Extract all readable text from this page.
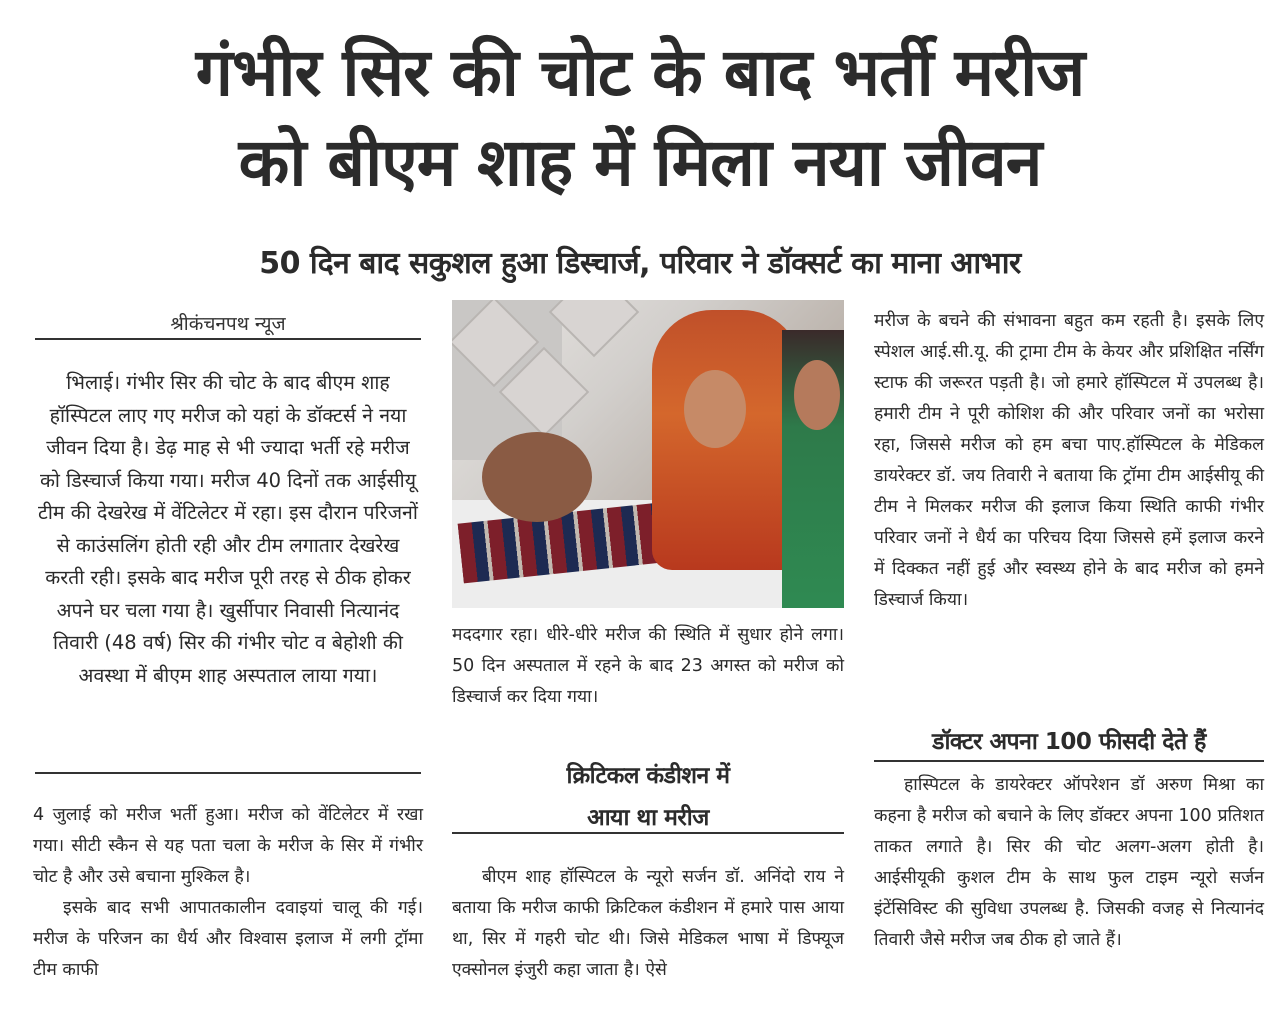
गंभीर सिर की चोट के बाद भर्ती मरीज
को बीएम शाह में मिला नया जीवन
50 दिन बाद सकुशल हुआ डिस्चार्ज, परिवार ने डॉक्सर्ट का माना आभार
श्रीकंचनपथ न्यूज
भिलाई। गंभीर सिर की चोट के बाद बीएम शाह हॉस्पिटल लाए गए मरीज को यहां के डॉक्टर्स ने नया जीवन दिया है। डेढ़ माह से भी ज्यादा भर्ती रहे मरीज को डिस्चार्ज किया गया। मरीज 40 दिनों तक आईसीयू टीम की देखरेख में वेंटिलेटर में रहा। इस दौरान परिजनों से काउंसलिंग होती रही और टीम लगातार देखरेख करती रही। इसके बाद मरीज पूरी तरह से ठीक होकर अपने घर चला गया है। खुर्सीपार निवासी नित्यानंद तिवारी (48 वर्ष) सिर की गंभीर चोट व बेहोशी की अवस्था में बीएम शाह अस्पताल लाया गया।

4 जुलाई को मरीज भर्ती हुआ। मरीज को वेंटिलेटर में रखा गया। सीटी स्कैन से यह पता चला के मरीज के सिर में गंभीर चोट है और उसे बचाना मुश्किल है।

इसके बाद सभी आपातकालीन दवाइयां चालू की गई। मरीज के परिजन का धैर्य और विश्वास इलाज में लगी ट्रॉमा टीम काफी

मददगार रहा। धीरे-धीरे मरीज की स्थिति में सुधार होने लगा। 50 दिन अस्पताल में रहने के बाद 23 अगस्त को मरीज को डिस्चार्ज कर दिया गया।

क्रिटिकल कंडीशन में
आया था मरीज

बीएम शाह हॉस्पिटल के न्यूरो सर्जन डॉ. अनिंदो राय ने बताया कि मरीज काफी क्रिटिकल कंडीशन में हमारे पास आया था, सिर में गहरी चोट थी। जिसे मेडिकल भाषा में डिफ्यूज एक्सोनल इंजुरी कहा जाता है। ऐसे

मरीज के बचने की संभावना बहुत कम रहती है। इसके लिए स्पेशल आई.सी.यू. की ट्रामा टीम के केयर और प्रशिक्षित नर्सिंग स्टाफ की जरूरत पड़ती है। जो हमारे हॉस्पिटल में उपलब्ध है। हमारी टीम ने पूरी कोशिश की और परिवार जनों का भरोसा रहा, जिससे मरीज को हम बचा पाए.हॉस्पिटल के मेडिकल डायरेक्टर डॉ. जय तिवारी ने बताया कि ट्रॉमा टीम आईसीयू की टीम ने मिलकर मरीज की इलाज किया स्थिति काफी गंभीर परिवार जनों ने धैर्य का परिचय दिया जिससे हमें इलाज करने में दिक्कत नहीं हुई और स्वस्थ्य होने के बाद मरीज को हमने डिस्चार्ज किया।

डॉक्टर अपना 100 फीसदी देते हैं

हास्पिटल के डायरेक्टर ऑपरेशन डॉ अरुण मिश्रा का कहना है मरीज को बचाने के लिए डॉक्टर अपना 100 प्रतिशत ताकत लगाते है। सिर की चोट अलग-अलग होती है। आईसीयूकी कुशल टीम के साथ फुल टाइम न्यूरो सर्जन इंटेंसिविस्ट की सुविधा उपलब्ध है. जिसकी वजह से नित्यानंद तिवारी जैसे मरीज जब ठीक हो जाते हैं।
